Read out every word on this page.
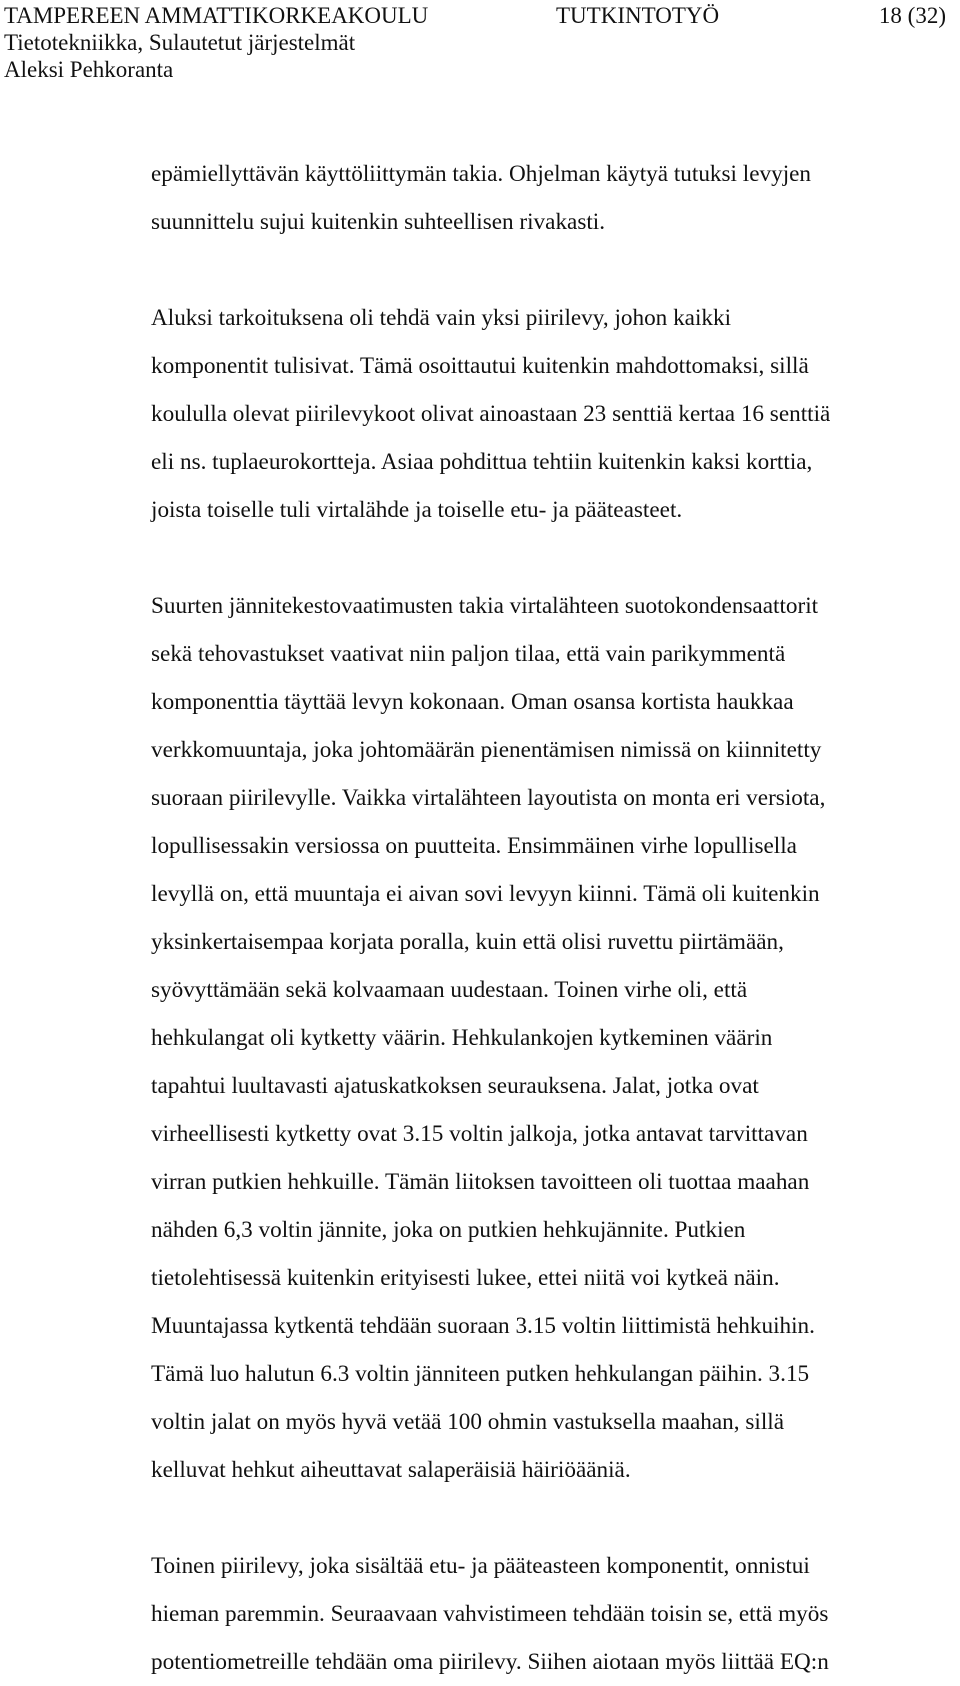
TAMPEREEN AMMATTIKORKEAKOULU	TUTKINTOTYÖ	18 (32)
Tietotekniikka, Sulautetut järjestelmät
Aleksi Pehkoranta
epämiellyttävän käyttöliittymän takia. Ohjelman käytyä tutuksi levyjen
suunnittelu sujui kuitenkin suhteellisen rivakasti.
Aluksi tarkoituksena oli tehdä vain yksi piirilevy, johon kaikki
komponentit tulisivat. Tämä osoittautui kuitenkin mahdottomaksi, sillä
koululla olevat piirilevykoot olivat ainoastaan 23 senttiä kertaa 16 senttiä
eli ns. tuplaeurokortteja. Asiaa pohdittua tehtiin kuitenkin kaksi korttia,
joista toiselle tuli virtalähde ja toiselle etu- ja pääteasteet.
Suurten jännitekestovaatimusten takia virtalähteen suotokondensaattorit
sekä tehovastukset vaativat niin paljon tilaa, että vain parikymmentä
komponenttia täyttää levyn kokonaan. Oman osansa kortista haukkaa
verkkomuuntaja, joka johtomäärän pienentämisen nimissä on kiinnitetty
suoraan piirilevylle. Vaikka virtalähteen layoutista on monta eri versiota,
lopullisessakin versiossa on puutteita. Ensimmäinen virhe lopullisella
levyllä on, että muuntaja ei aivan sovi levyyn kiinni. Tämä oli kuitenkin
yksinkertaisempaa korjata poralla, kuin että olisi ruvettu piirtämään,
syövyttämään sekä kolvaamaan uudestaan. Toinen virhe oli, että
hehkulangat oli kytketty väärin. Hehkulankojen kytkeminen väärin
tapahtui luultavasti ajatuskatkoksen seurauksena. Jalat, jotka ovat
virheellisesti kytketty ovat 3.15 voltin jalkoja, jotka antavat tarvittavan
virran putkien hehkuille. Tämän liitoksen tavoitteen oli tuottaa maahan
nähden 6,3 voltin jännite, joka on putkien hehkujännite. Putkien
tietolehtisessä kuitenkin erityisesti lukee, ettei niitä voi kytkeä näin.
Muuntajassa kytkentä tehdään suoraan 3.15 voltin liittimistä hehkuihin.
Tämä luo halutun 6.3 voltin jänniteen putken hehkulangan päihin. 3.15
voltin jalat on myös hyvä vetää 100 ohmin vastuksella maahan, sillä
kelluvat hehkut aiheuttavat salaperäisiä häiriöääniä.
Toinen piirilevy, joka sisältää etu- ja pääteasteen komponentit, onnistui
hieman paremmin. Seuraavaan vahvistimeen tehdään toisin se, että myös
potentiometreille tehdään oma piirilevy. Siihen aiotaan myös liittää EQ:n
